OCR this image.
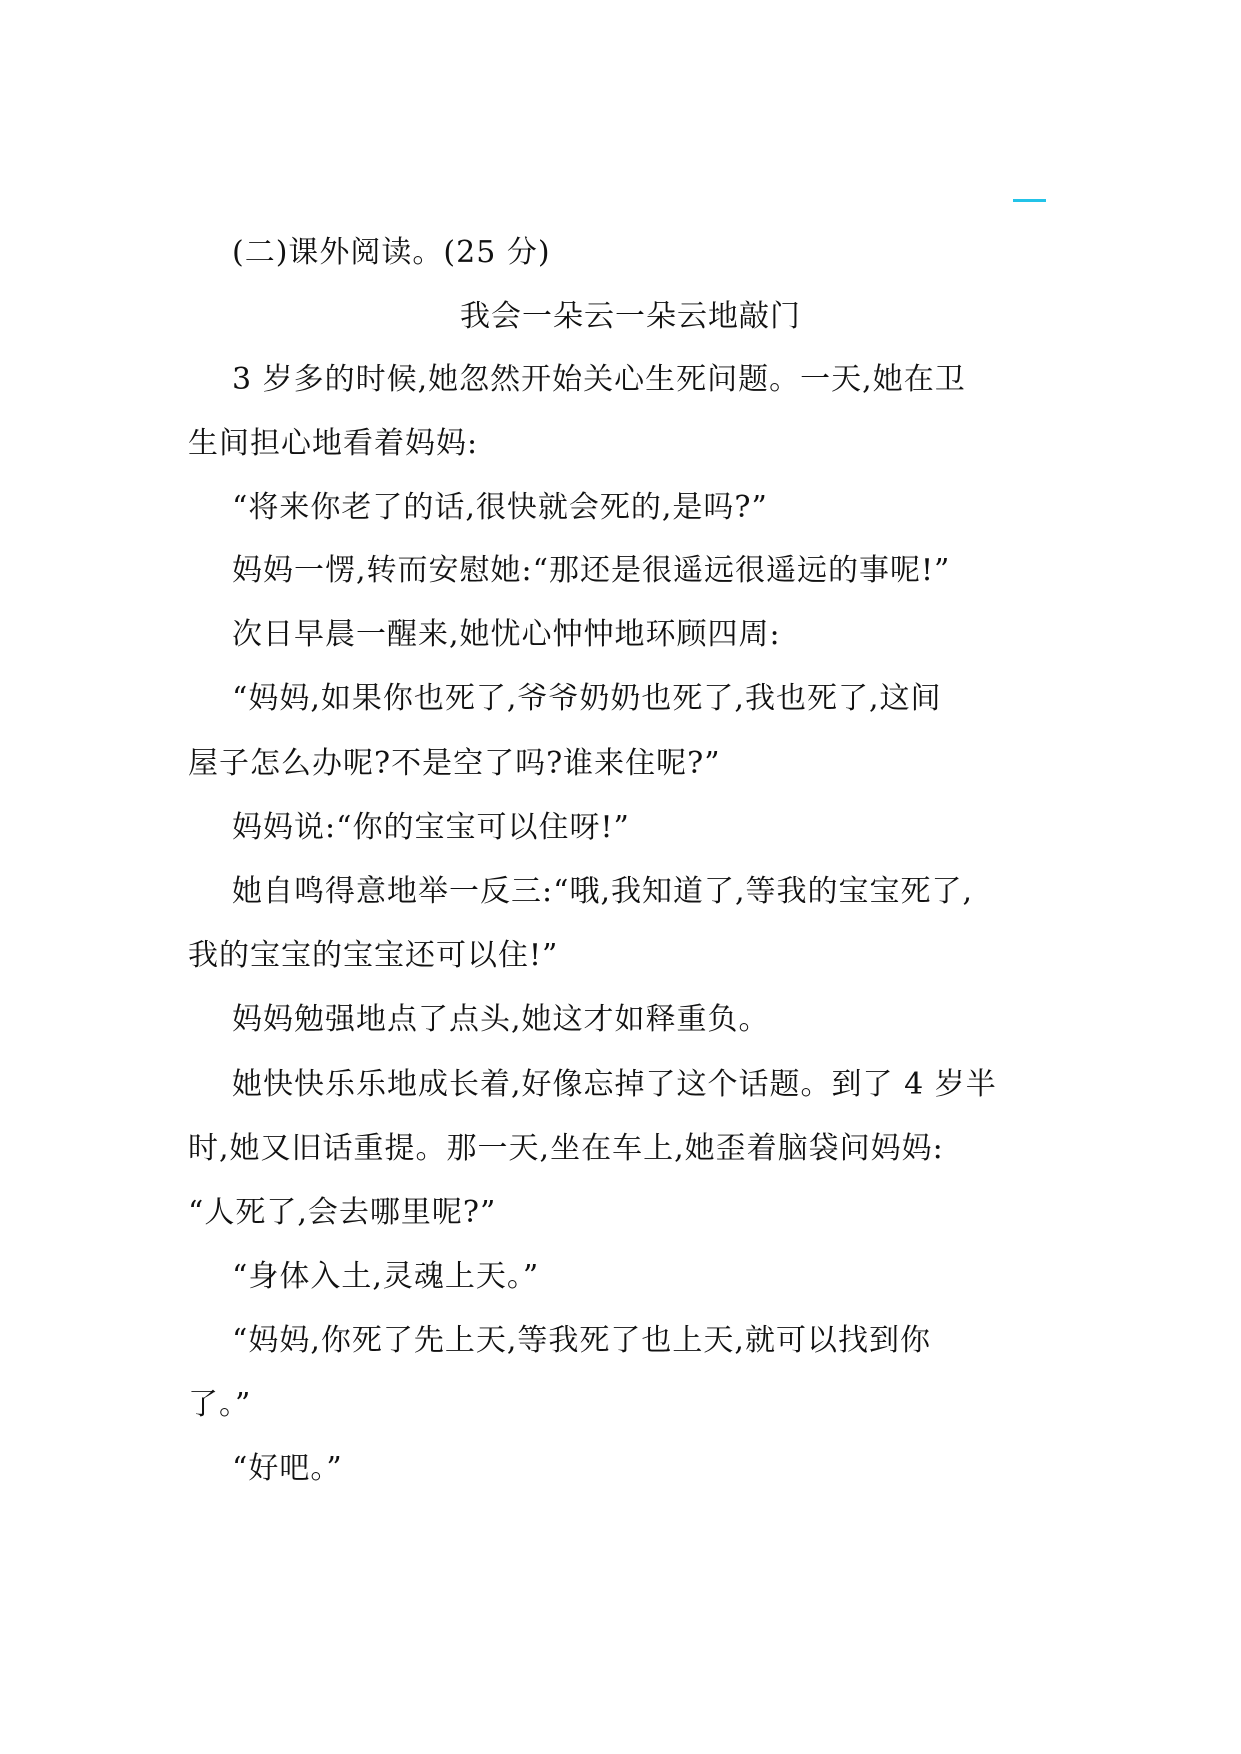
(二)课外阅读。(25 分)
我会一朵云一朵云地敲门
3 岁多的时候,她忽然开始关心生死问题。一天,她在卫
生间担心地看着妈妈:
“将来你老了的话,很快就会死的,是吗?”
妈妈一愣,转而安慰她:“那还是很遥远很遥远的事呢!”
次日早晨一醒来,她忧心忡忡地环顾四周:
“妈妈,如果你也死了,爷爷奶奶也死了,我也死了,这间
屋子怎么办呢?不是空了吗?谁来住呢?”
妈妈说:“你的宝宝可以住呀!”
她自鸣得意地举一反三:“哦,我知道了,等我的宝宝死了,
我的宝宝的宝宝还可以住!”
妈妈勉强地点了点头,她这才如释重负。
她快快乐乐地成长着,好像忘掉了这个话题。到了 4 岁半
时,她又旧话重提。那一天,坐在车上,她歪着脑袋问妈妈:
“人死了,会去哪里呢?”
“身体入土,灵魂上天。”
“妈妈,你死了先上天,等我死了也上天,就可以找到你
了。”
“好吧。”
